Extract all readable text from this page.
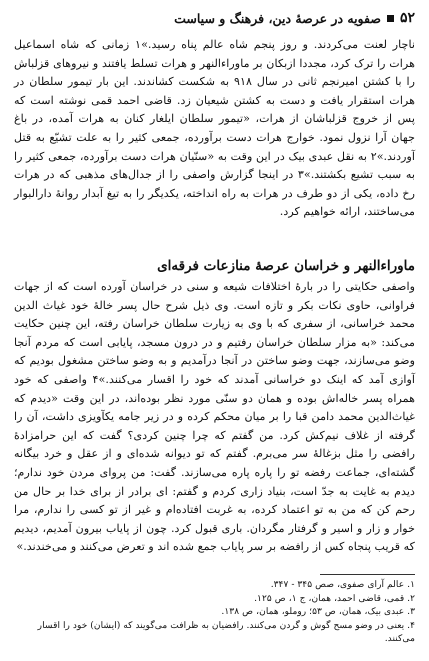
۵۲
صفویه در عرصهٔ دین، فرهنگ و سیاست

ناچار لعنت می‌کردند. و روز پنجم شاه عالم پناه رسید.»۱ زمانی که شاه اسماعیل هرات را ترک کرد، مجددا ازبکان بر ماوراءالنهر و هرات تسلط یافتند و نیروهای قزلباش را با کشتن امیرنجم ثانی در سال ۹۱۸ به شکست کشاندند. این بار تیمور سلطان در هرات استقرار یافت و دست به کشتن شیعیان زد. قاضی احمد قمی نوشته است که پس از خروج قزلباشان از هرات، «تیمور سلطان ایلغار کنان به هرات آمده، در باغ جهان آرا نزول نمود. خوارج هرات دست برآورده، جمعی کثیر را به علت تشیّع به قتل آوردند.»۲ به نقل عبدی بیک در این وقت به «سنّیان هرات دست برآورده، جمعی کثیر را به سبب تشیع بکشتند.»۳ در اینجا گزارش واصفی را از جدال‌های مذهبی که در هرات رخ داده، یکی از دو طرف در هرات به راه انداخته، یکدیگر را به تیغ آبدار روانهٔ دارالبوار می‌ساختند، ارائه خواهیم کرد.

ماوراءالنهر و خراسان عرصهٔ منازعات فرقه‌ای

واصفی حکایتی را در بارهٔ اختلافات شیعه و سنی در خراسان آورده است که از جهات فراوانی، حاوی نکات بکر و تازه است. وی ذیل شرح حال پسر خالهٔ خود غیاث الدین محمد خراسانی، از سفری که با وی به زیارت سلطان خراسان رفته، این چنین حکایت می‌کند: «به مزار سلطان خراسان رفتیم و در درون مسجد، پایابی است که مردم آنجا وضو می‌سازند، جهت وضو ساختن در آنجا درآمدیم و به وضو ساختن مشغول بودیم که آوازی آمد که اینک دو خراسانی آمدند که خود را اقسار می‌کنند.»۴ واصفی که خود همراه پسر خاله‌اش بوده و همان دو سنّی مورد نظر بوده‌اند، در این وقت «دیدم که غیاث‌الدین محمد دامن قبا را بر میان محکم کرده و در زیر جامه یکآویزی داشت، آن را گرفته از غلاف نیم‌کش کرد. من گفتم که چرا چنین کردی؟ گفت که این حرامزادهٔ رافضی را مثل بزغالهٔ سر می‌برم. گفتم که تو دیوانه شده‌ای و از عقل و خرد بیگانه گشته‌ای، جماعت رفضه تو را پاره پاره می‌سازند. گفت: من پروای مردن خود ندارم؛ دیدم به غایت به جدّ است، بنیاد زاری کردم و گفتم: ای برادر از برای خدا بر حال من رحم کن که من به تو اعتماد کرده، به غربت افتاده‌ام و غیر از تو کسی را ندارم، مرا خوار و زار و اسیر و گرفتار مگردان. باری قبول کرد. چون از پایاب بیرون آمدیم، دیدیم که قریب پنجاه کس از رافضه بر سر پایاب جمع شده اند و تعرض می‌کنند و می‌خندند.»

۱. عالم آرای صفوی، صص ۳۴۵ - ۳۴۷.
۲. قمی، قاضی احمد، همان، ج ۱، ص ۱۲۵.
۳. عبدی بیک، همان، ص ۵۳؛ روملو، همان، ص ۱۳۸.
۴. یعنی در وضو مسح گوش و گردن می‌کنند. رافضیان به ظرافت می‌گویند که (ایشان) خود را اقسار
می‌کنند.
